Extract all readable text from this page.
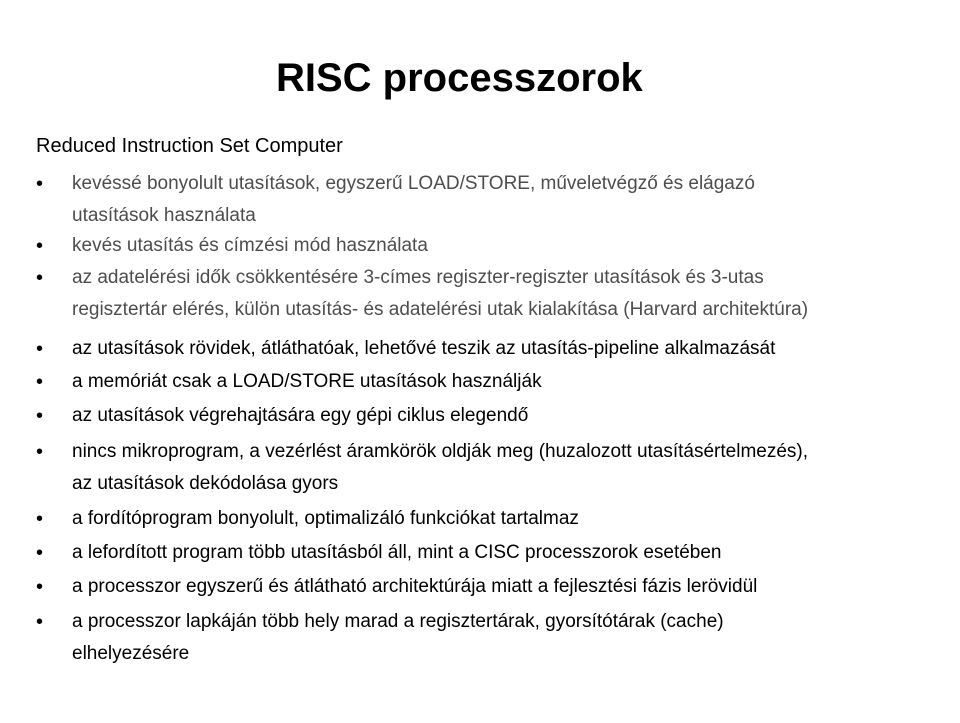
RISC processzorok

Reduced Instruction Set Computer

• kevéssé bonyolult utasítások, egyszerű LOAD/STORE, műveletvégző és elágazó
utasítások használata
• kevés utasítás és címzési mód használata
• az adatelérési idők csökkentésére 3-címes regiszter-regiszter utasítások és 3-utas
regisztertár elérés, külön utasítás- és adatelérési utak kialakítása (Harvard architektúra)
• az utasítások rövidek, átláthatóak, lehetővé teszik az utasítás-pipeline alkalmazását
• a memóriát csak a LOAD/STORE utasítások használják
• az utasítások végrehajtására egy gépi ciklus elegendő
• nincs mikroprogram, a vezérlést áramkörök oldják meg (huzalozott utasításértelmezés),
az utasítások dekódolása gyors
• a fordítóprogram bonyolult, optimalizáló funkciókat tartalmaz
• a lefordított program több utasításból áll, mint a CISC processzorok esetében
• a processzor egyszerű és átlátható architektúrája miatt a fejlesztési fázis lerövidül
• a processzor lapkáján több hely marad a regisztertárak, gyorsítótárak (cache)
elhelyezésére
